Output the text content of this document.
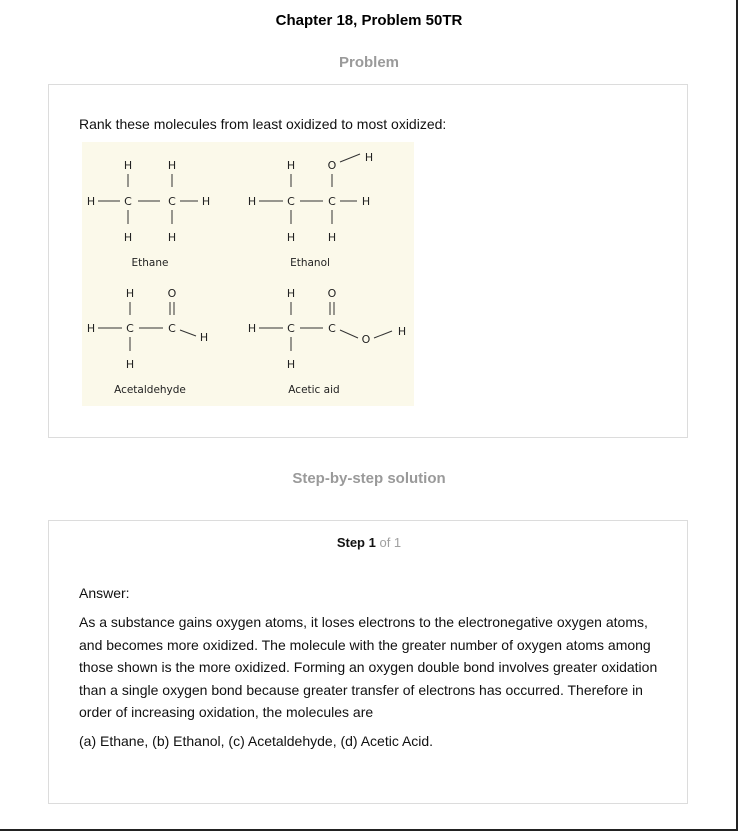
Chapter 18, Problem 50TR
Problem
Rank these molecules from least oxidized to most oxidized:
H	H
H	C	C H
H	H
Ethane
H	O
H
H	C	C H
H	H
Ethanol
H	O
H	C	C
H
H
Acetaldehyde
H	O
H	C	C
O
H
H
Acetic aid
Step-by-step solution
Step 1 of 1
Answer:

As a substance gains oxygen atoms, it loses electrons to the electronegative oxygen atoms, and becomes more oxidized. The molecule with the greater number of oxygen atoms among those shown is the more oxidized. Forming an oxygen double bond involves greater oxidation than a single oxygen bond because greater transfer of electrons has occurred. Therefore in order of increasing oxidation, the molecules are

(a) Ethane, (b) Ethanol, (c) Acetaldehyde, (d) Acetic Acid.
